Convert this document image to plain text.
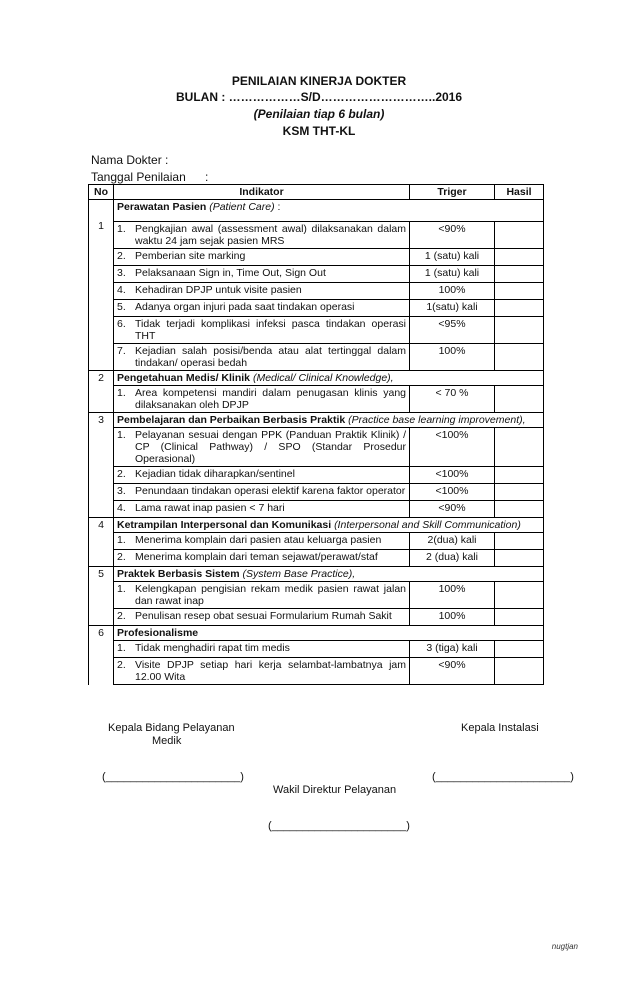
PENILAIAN KINERJA DOKTER
BULAN : ………………S/D………………………..2016
(Penilaian tiap 6 bulan)
KSM THT-KL
Nama Dokter :
Tanggal Penilaian :
No	Indikator	Triger	Hasil
1	Perawatan Pasien (Patient Care) :		

	1. Pengkajian awal (assessment awal) dilaksanakan dalam waktu 24 jam sejak pasien MRS	<90%	

	2. Pemberian site marking	1 (satu) kali	

	3. Pelaksanaan Sign in, Time Out, Sign Out	1 (satu) kali	

	4. Kehadiran DPJP untuk visite pasien	100%	

	5. Adanya organ injuri pada saat tindakan operasi	1(satu) kali	

	6. Tidak terjadi komplikasi infeksi pasca tindakan operasi THT	<95%	

	7. Kejadian salah posisi/benda atau alat tertinggal dalam tindakan/ operasi bedah	100%	
2	Pengetahuan Medis/ Klinik (Medical/ Clinical Knowledge),		

	1. Area kompetensi mandiri dalam penugasan klinis yang dilaksanakan oleh DPJP	< 70 %	
3	Pembelajaran dan Perbaikan Berbasis Praktik (Practice base learning improvement),		

	1. Pelayanan sesuai dengan PPK (Panduan Praktik Klinik) / CP (Clinical Pathway) / SPO (Standar Prosedur Operasional)	<100%	

	2. Kejadian tidak diharapkan/sentinel	<100%	

	3. Penundaan tindakan operasi elektif karena faktor operator	<100%	

	4. Lama rawat inap pasien < 7 hari	<90%	
4	Ketrampilan Interpersonal dan Komunikasi (Interpersonal and Skill Communication)		

	1. Menerima komplain dari pasien atau keluarga pasien	2(dua) kali	

	2. Menerima komplain dari teman sejawat/perawat/staf	2 (dua) kali	
5	Praktek Berbasis Sistem (System Base Practice),		

	1. Kelengkapan pengisian rekam medik pasien rawat jalan dan rawat inap	100%	

	2. Penulisan resep obat sesuai Formularium Rumah Sakit	100%	
6	Profesionalisme		

	1. Tidak menghadiri rapat tim medis	3 (tiga) kali	

	2. Visite DPJP setiap hari kerja selambat-lambatnya jam 12.00 Wita	<90%	
Kepala Bidang Pelayanan
Medik
Kepala Instalasi
(______________________)	(______________________)
Wakil Direktur Pelayanan
(______________________)
nugtjan
